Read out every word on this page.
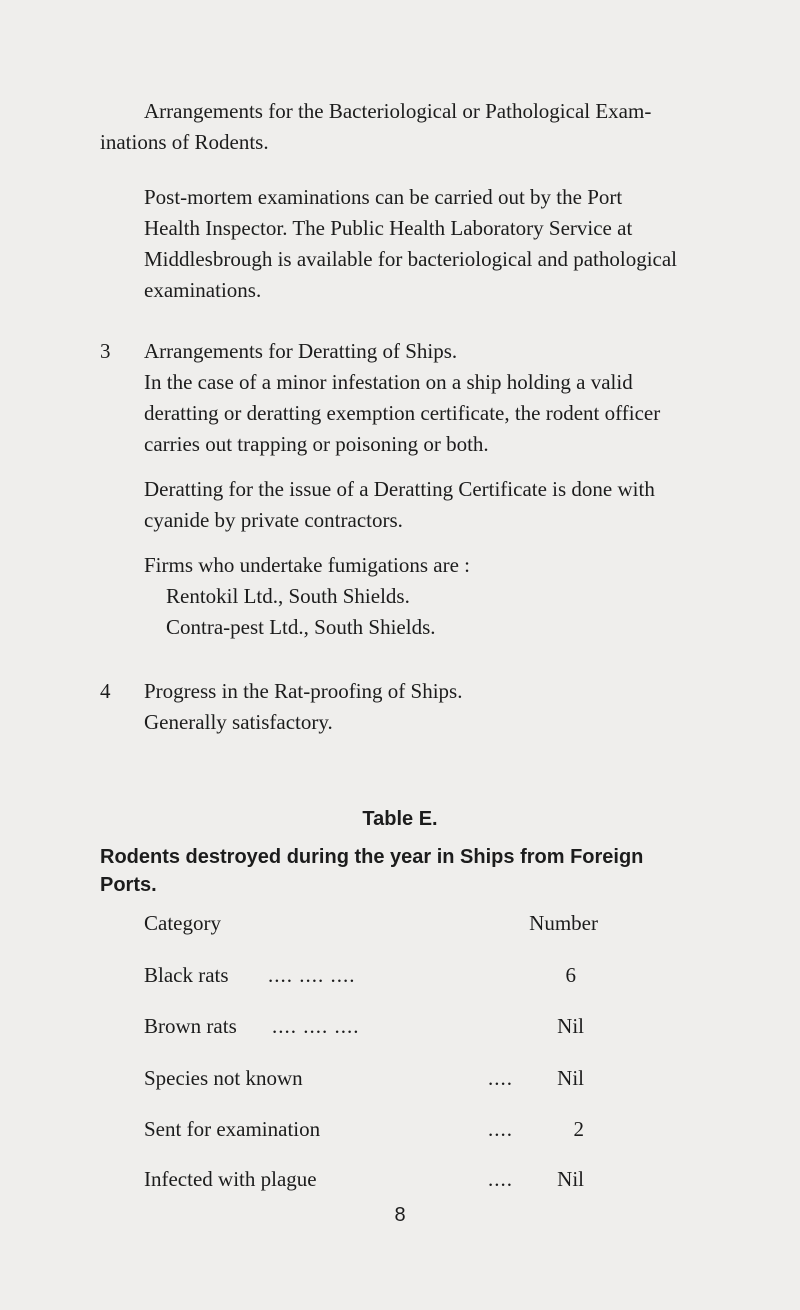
Arrangements for the Bacteriological or Pathological Exam-
inations of Rodents.
Post-mortem examinations can be carried out by the Port
Health Inspector. The Public Health Laboratory Service at
Middlesbrough is available for bacteriological and pathological
examinations.
3 Arrangements for Deratting of Ships.
In the case of a minor infestation on a ship holding a valid
deratting or deratting exemption certificate, the rodent officer
carries out trapping or poisoning or both.
Deratting for the issue of a Deratting Certificate is done with
cyanide by private contractors.
Firms who undertake fumigations are :
Rentokil Ltd., South Shields.
Contra-pest Ltd., South Shields.
4 Progress in the Rat-proofing of Ships.
Generally satisfactory.
Table E.
Rodents destroyed during the year in Ships from Foreign
Ports.
Category	Number
Black rats .... .... ....	6
Brown rats .... .... ....	Nil
Species not known	.... Nil
Sent for examination	....	2
Infected with plague	.... Nil
8
